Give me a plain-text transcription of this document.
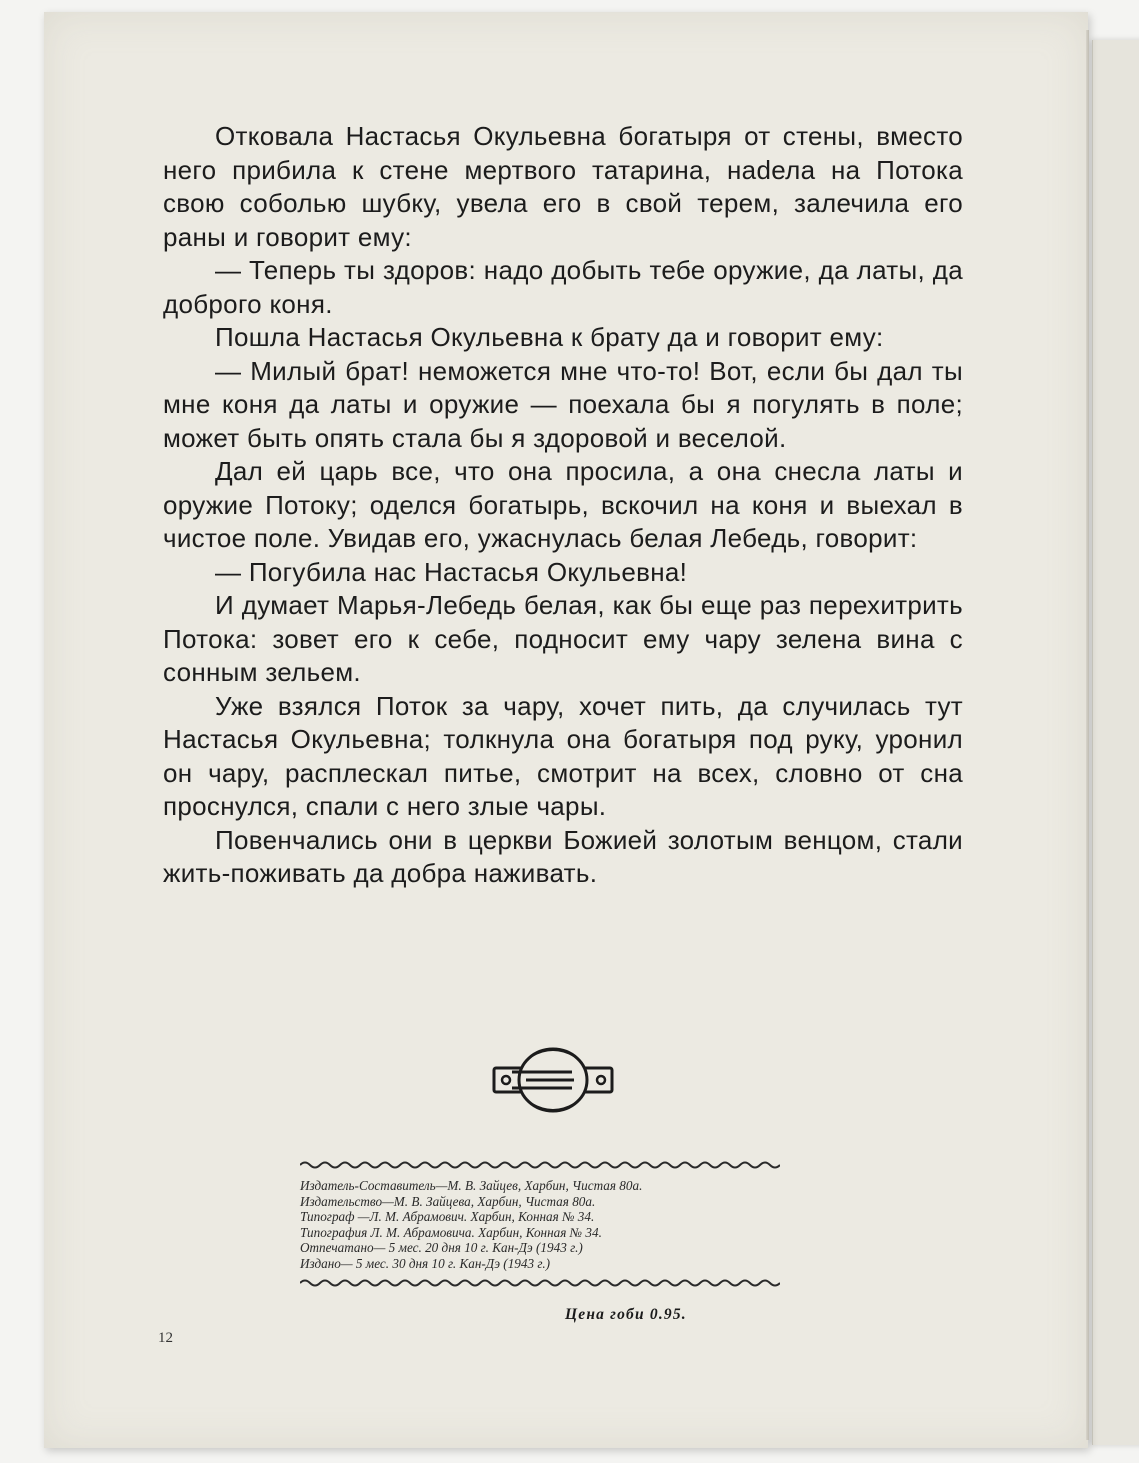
Отковала Настасья Окульевна богатыря от стены, вместо него прибила к стене мертвого татарина, наdела на Потока свою соболью шубку, увела его в свой терем, залечила его раны и говорит ему:

— Теперь ты здоров: надо добыть тебе оружие, да латы, да доброго коня.

Пошла Настасья Окульевна к брату да и говорит ему:

— Милый брат! неможется мне что-то! Вот, если бы дал ты мне коня да латы и оружие — поехала бы я погулять в поле; может быть опять стала бы я здоровой и веселой.

Дал ей царь все, что она просила, а она снесла латы и оружие Потоку; оделся богатырь, вскочил на коня и выехал в чистое поле. Увидав его, ужаснулась белая Лебедь, говорит:

— Погубила нас Настасья Окульевна!

И думает Марья-Лебедь белая, как бы еще раз перехитрить Потока: зовет его к себе, подносит ему чару зелена вина с сонным зельем.

Уже взялся Поток за чару, хочет пить, да случилась тут Настасья Окульевна; толкнула она богатыря под руку, уронил он чару, расплескал питье, смотрит на всех, словно от сна проснулся, спали с него злые чары.

Повенчались они в церкви Божией золотым венцом, стали жить-поживать да добра наживать.

Издатель-Составитель—М. В. Зайцев, Харбин, Чистая 80а.
Издательство—М. В. Зайцева, Харбин, Чистая 80а.
Типограф —Л. М. Абрамович. Харбин, Конная № 34.
Типография Л. М. Абрамовича. Харбин, Конная № 34.
Отпечатано— 5 мес. 20 дня 10 г. Кан-Дэ (1943 г.)
Издано— 5 мес. 30 дня 10 г. Кан-Дэ (1943 г.)
Цена гоби 0.95.
12
